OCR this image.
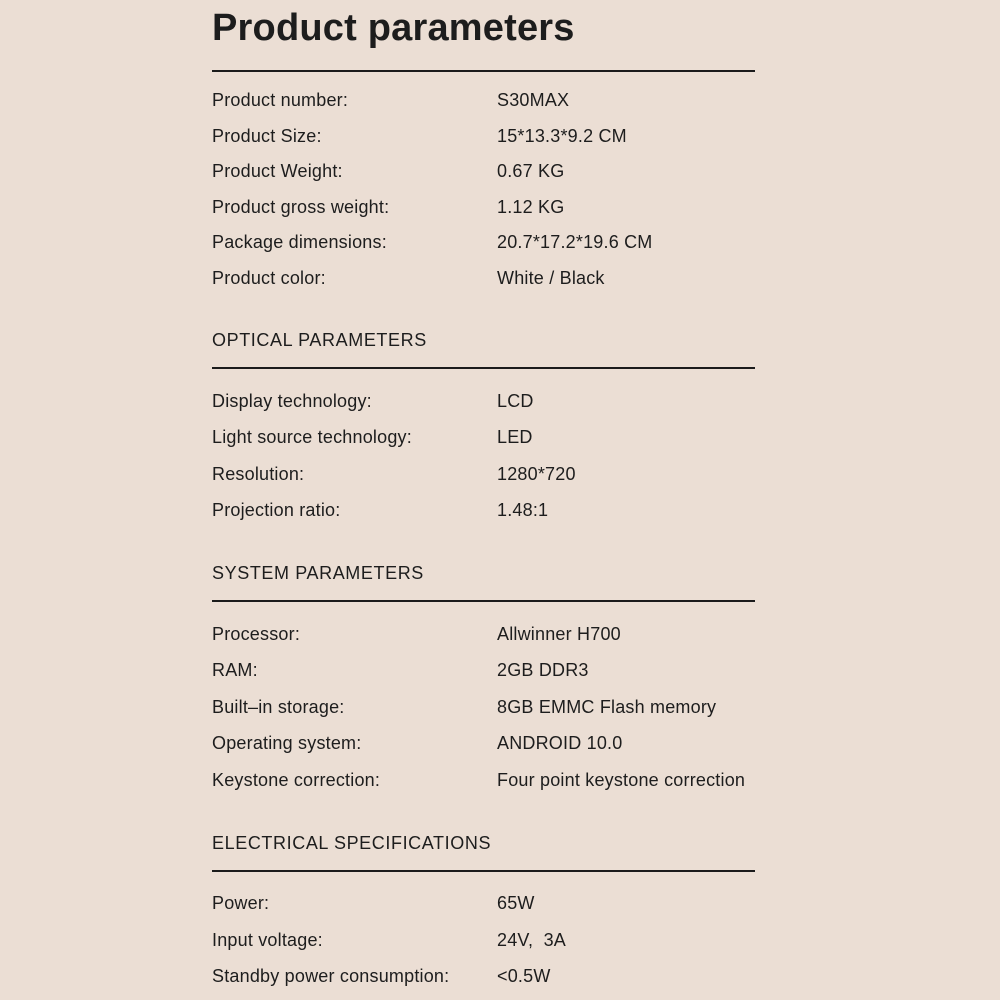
Product parameters
Product number:	S30MAX
Product Size:	15*13.3*9.2 CM
Product Weight:	0.67 KG
Product gross weight:	1.12 KG
Package dimensions:	20.7*17.2*19.6 CM
Product color:	White / Black
OPTICAL PARAMETERS
Display technology:	LCD
Light source technology:	LED
Resolution:	1280*720
Projection ratio:	1.48:1
SYSTEM PARAMETERS
Processor:	Allwinner H700
RAM:	2GB DDR3
Built–in storage:	8GB EMMC Flash memory
Operating system:	ANDROID 10.0
Keystone correction:	Four point keystone correction
ELECTRICAL SPECIFICATIONS
Power:	65W
Input voltage:	24V,  3A
Standby power consumption:	<0.5W
